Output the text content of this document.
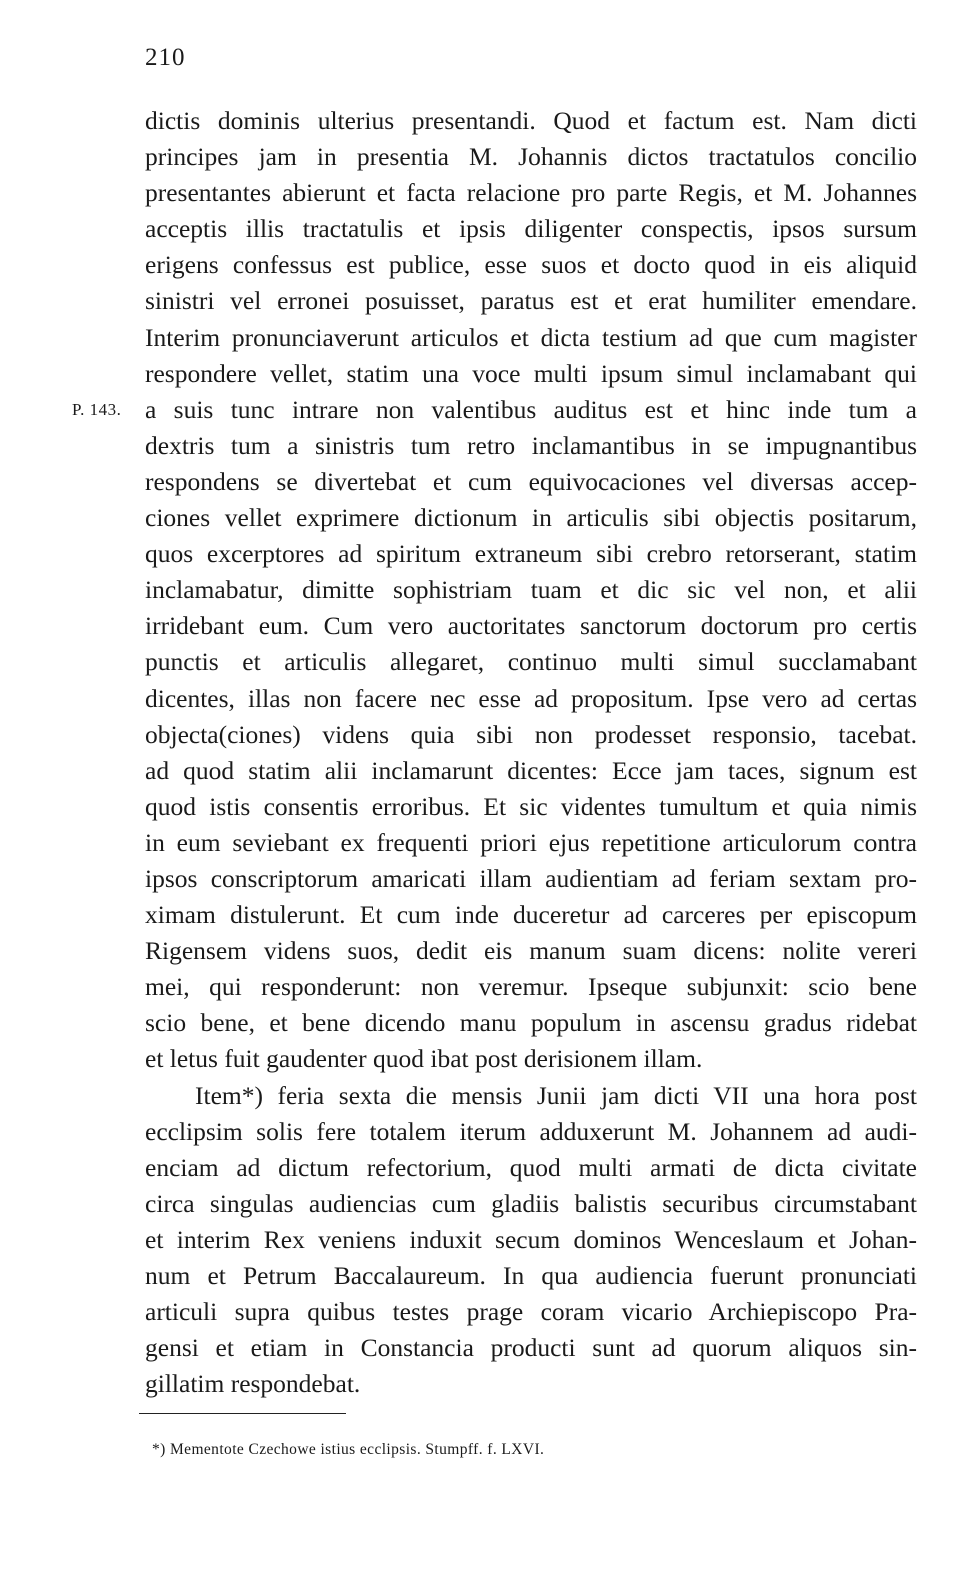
210
P. 143.
dictis dominis ulterius presentandi. Quod et factum est. Nam dicti
principes jam in presentia M. Johannis dictos tractatulos concilio
presentantes abierunt et facta relacione pro parte Regis, et M. Johannes
acceptis illis tractatulis et ipsis diligenter conspectis, ipsos sursum
erigens confessus est publice, esse suos et docto quod in eis aliquid
sinistri vel erronei posuisset, paratus est et erat humiliter emendare.
Interim pronunciaverunt articulos et dicta testium ad que cum magister
respondere vellet, statim una voce multi ipsum simul inclamabant qui
a suis tunc intrare non valentibus auditus est et hinc inde tum a
dextris tum a sinistris tum retro inclamantibus in se impugnantibus
respondens se divertebat et cum equivocaciones vel diversas accep-
ciones vellet exprimere dictionum in articulis sibi objectis positarum,
quos excerptores ad spiritum extraneum sibi crebro retorserant, statim
inclamabatur, dimitte sophistriam tuam et dic sic vel non, et alii
irridebant eum. Cum vero auctoritates sanctorum doctorum pro certis
punctis et articulis allegaret, continuo multi simul succlamabant
dicentes, illas non facere nec esse ad propositum. Ipse vero ad certas
objecta(ciones) videns quia sibi non prodesset responsio, tacebat.
ad quod statim alii inclamarunt dicentes: Ecce jam taces, signum est
quod istis consentis erroribus. Et sic videntes tumultum et quia nimis
in eum seviebant ex frequenti priori ejus repetitione articulorum contra
ipsos conscriptorum amaricati illam audientiam ad feriam sextam pro-
ximam distulerunt. Et cum inde duceretur ad carceres per episcopum
Rigensem videns suos, dedit eis manum suam dicens: nolite vereri
mei, qui responderunt: non veremur. Ipseque subjunxit: scio bene
scio bene, et bene dicendo manu populum in ascensu gradus ridebat
et letus fuit gaudenter quod ibat post derisionem illam.
Item*) feria sexta die mensis Junii jam dicti VII una hora post
ecclipsim solis fere totalem iterum adduxerunt M. Johannem ad audi-
enciam ad dictum refectorium, quod multi armati de dicta civitate
circa singulas audiencias cum gladiis balistis securibus circumstabant
et interim Rex veniens induxit secum dominos Wenceslaum et Johan-
num et Petrum Baccalaureum. In qua audiencia fuerunt pronunciati
articuli supra quibus testes prage coram vicario Archiepiscopo Pra-
gensi et etiam in Constancia producti sunt ad quorum aliquos sin-
gillatim respondebat.
*) Mementote Czechowe istius ecclipsis. Stumpff. f. LXVI.
